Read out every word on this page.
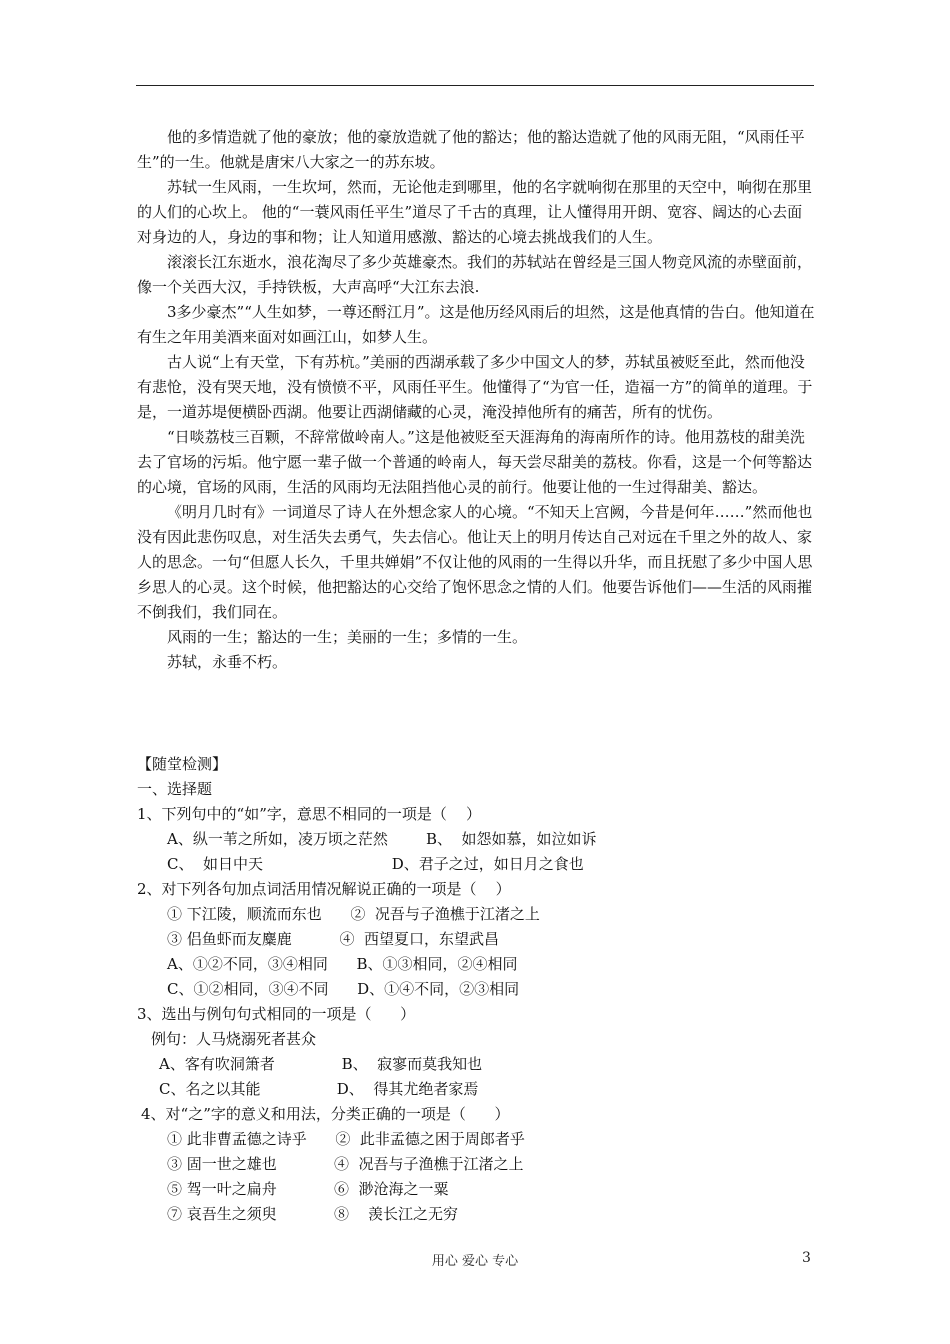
他的多情造就了他的豪放；他的豪放造就了他的豁达；他的豁达造就了他的风雨无阻，“风雨任平生”的一生。他就是唐宋八大家之一的苏东坡。

苏轼一生风雨，一生坎坷，然而，无论他走到哪里，他的名字就响彻在那里的天空中，响彻在那里的人们的心坎上。 他的“一蓑风雨任平生”道尽了千古的真理，让人懂得用开朗、宽容、阔达的心去面对身边的人，身边的事和物；让人知道用感激、豁达的心境去挑战我们的人生。

滚滚长江东逝水，浪花淘尽了多少英雄豪杰。我们的苏轼站在曾经是三国人物竞风流的赤壁面前，像一个关西大汉，手持铁板，大声高呼“大江东去浪.

3多少豪杰”“人生如梦，一尊还酹江月”。这是他历经风雨后的坦然，这是他真情的告白。他知道在有生之年用美酒来面对如画江山，如梦人生。

古人说“上有天堂，下有苏杭。”美丽的西湖承载了多少中国文人的梦，苏轼虽被贬至此，然而他没有悲怆，没有哭天地，没有愤愤不平，风雨任平生。他懂得了“为官一任，造福一方”的简单的道理。于是，一道苏堤便横卧西湖。他要让西湖储藏的心灵，淹没掉他所有的痛苦，所有的忧伤。

“日啖荔枝三百颗，不辞常做岭南人。”这是他被贬至天涯海角的海南所作的诗。他用荔枝的甜美洗去了官场的污垢。他宁愿一辈子做一个普通的岭南人，每天尝尽甜美的荔枝。你看，这是一个何等豁达的心境，官场的风雨，生活的风雨均无法阻挡他心灵的前行。他要让他的一生过得甜美、豁达。

《明月几时有》一词道尽了诗人在外想念家人的心境。“不知天上宫阙，今昔是何年……”然而他也没有因此悲伤叹息，对生活失去勇气，失去信心。他让天上的明月传达自己对远在千里之外的故人、家人的思念。一句“但愿人长久，千里共婵娟”不仅让他的风雨的一生得以升华，而且抚慰了多少中国人思乡思人的心灵。这个时候，他把豁达的心交给了饱怀思念之情的人们。他要告诉他们——生活的风雨摧不倒我们，我们同在。

风雨的一生；豁达的一生；美丽的一生；多情的一生。

苏轼，永垂不朽。

【随堂检测】
一、选择题
1、下列句中的“如”字，意思不相同的一项是（    ）
A、纵一苇之所如，凌万顷之茫然        B、  如怨如慕，如泣如诉
C、  如日中天                           D、君子之过，如日月之食也
2、对下列各句加点词活用情况解说正确的一项是（    ）
① 下江陵，顺流而东也      ②  况吾与子渔樵于江渚之上
③ 侣鱼虾而友麋鹿          ④  西望夏口，东望武昌
A、①②不同，③④相同      B、①③相同，②④相同
C、①②相同，③④不同      D、①④不同，②③相同
3、选出与例句句式相同的一项是（      ）
例句：人马烧溺死者甚众
A、客有吹洞箫者              B、  寂寥而莫我知也
C、名之以其能                D、  得其尤绝者家焉
4、对“之”字的意义和用法，分类正确的一项是（      ）
① 此非曹孟德之诗乎      ②  此非孟德之困于周郎者乎
③ 固一世之雄也            ④  况吾与子渔樵于江渚之上
⑤ 驾一叶之扁舟            ⑥  渺沧海之一粟
⑦ 哀吾生之须臾            ⑧    羡长江之无穷
用心 爱心 专心	3
